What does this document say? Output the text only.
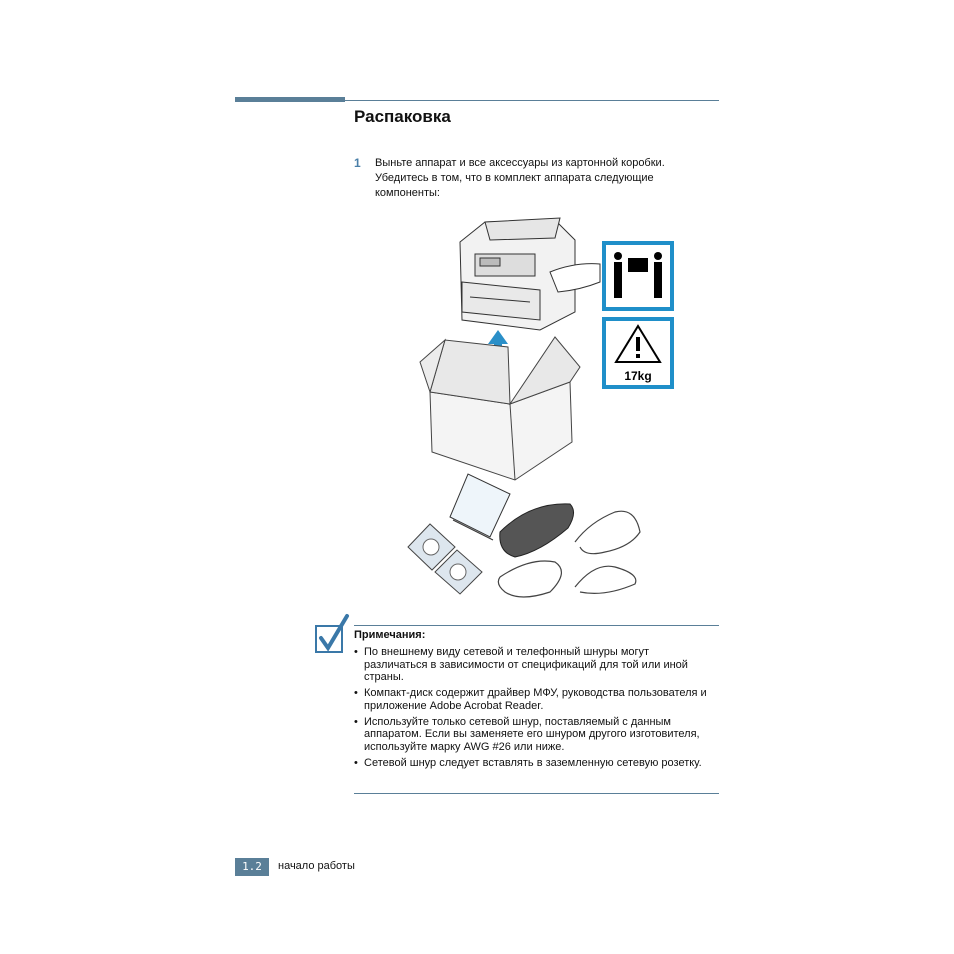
Распаковка
1 Выньте аппарат и все аксессуары из картонной коробки. Убедитесь в том, что в комплект аппарата следующие компоненты:
17kg
Примечания:
• По внешнему виду сетевой и телефонный шнуры могут различаться в зависимости от спецификаций для той или иной страны.
• Компакт-диск содержит драйвер МФУ, руководства пользователя и приложение Adobe Acrobat Reader.
• Используйте только сетевой шнур, поставляемый с данным аппаратом. Если вы заменяете его шнуром другого изготовителя, используйте марку AWG #26 или ниже.
• Сетевой шнур следует вставлять в заземленную сетевую розетку.
1.2	начало работы
